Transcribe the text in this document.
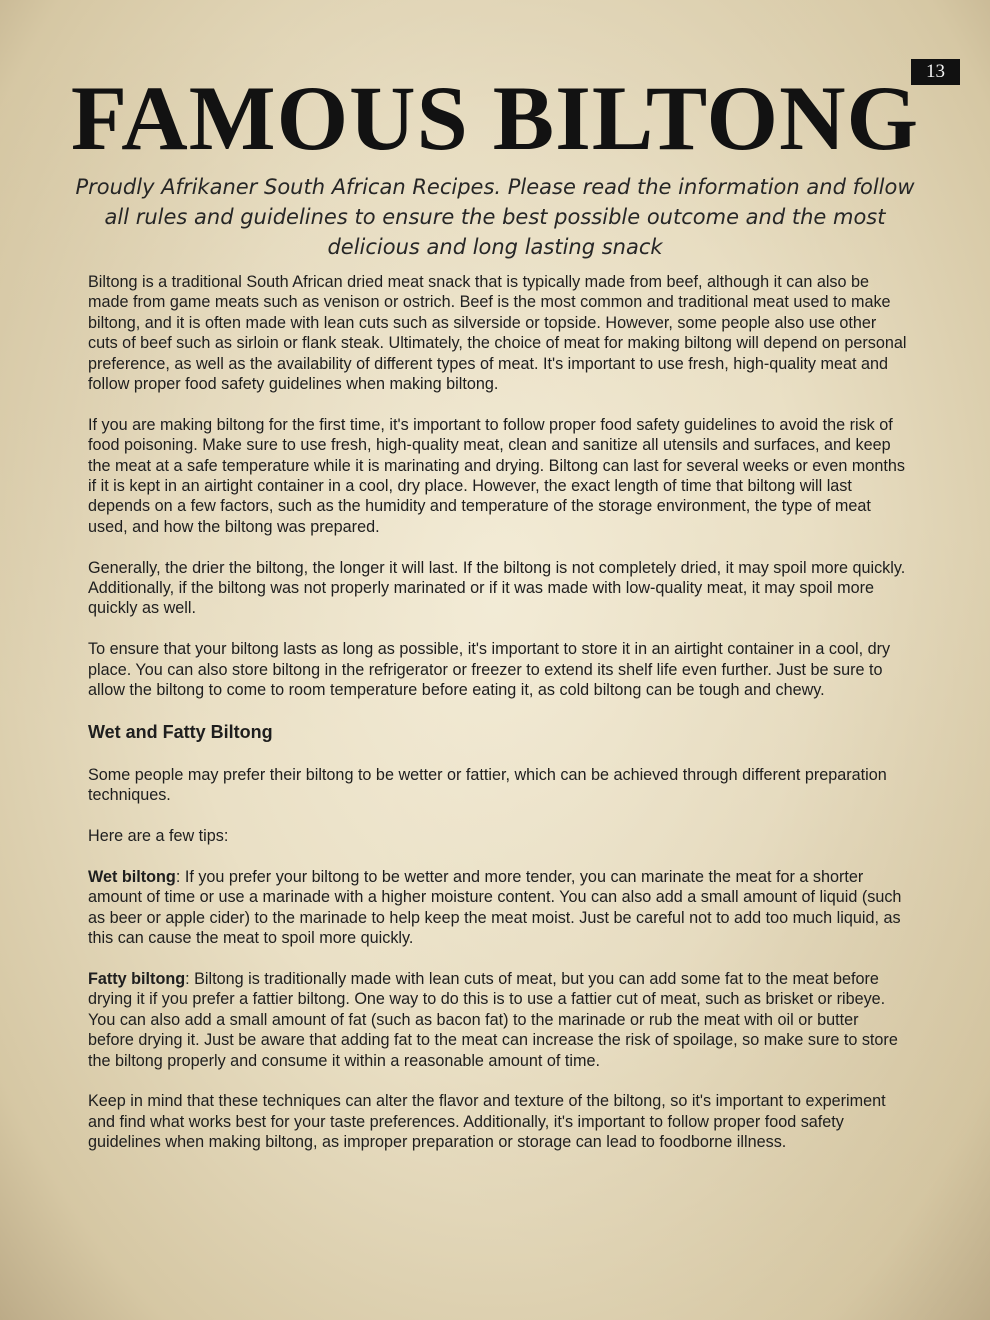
13
FAMOUS BILTONG

Proudly Afrikaner South African Recipes. Please read the information and follow all rules and guidelines to ensure the best possible outcome and the most delicious and long lasting snack

Biltong is a traditional South African dried meat snack that is typically made from beef, although it can also be made from game meats such as venison or ostrich. Beef is the most common and traditional meat used to make biltong, and it is often made with lean cuts such as silverside or topside. However, some people also use other cuts of beef such as sirloin or flank steak. Ultimately, the choice of meat for making biltong will depend on personal preference, as well as the availability of different types of meat. It's important to use fresh, high-quality meat and follow proper food safety guidelines when making biltong.

If you are making biltong for the first time, it's important to follow proper food safety guidelines to avoid the risk of food poisoning. Make sure to use fresh, high-quality meat, clean and sanitize all utensils and surfaces, and keep the meat at a safe temperature while it is marinating and drying. Biltong can last for several weeks or even months if it is kept in an airtight container in a cool, dry place. However, the exact length of time that biltong will last depends on a few factors, such as the humidity and temperature of the storage environment, the type of meat used, and how the biltong was prepared.

Generally, the drier the biltong, the longer it will last. If the biltong is not completely dried, it may spoil more quickly. Additionally, if the biltong was not properly marinated or if it was made with low-quality meat, it may spoil more quickly as well.

To ensure that your biltong lasts as long as possible, it's important to store it in an airtight container in a cool, dry place. You can also store biltong in the refrigerator or freezer to extend its shelf life even further. Just be sure to allow the biltong to come to room temperature before eating it, as cold biltong can be tough and chewy.

Wet and Fatty Biltong

Some people may prefer their biltong to be wetter or fattier, which can be achieved through different preparation techniques.

Here are a few tips:

Wet biltong: If you prefer your biltong to be wetter and more tender, you can marinate the meat for a shorter amount of time or use a marinade with a higher moisture content. You can also add a small amount of liquid (such as beer or apple cider) to the marinade to help keep the meat moist. Just be careful not to add too much liquid, as this can cause the meat to spoil more quickly.

Fatty biltong: Biltong is traditionally made with lean cuts of meat, but you can add some fat to the meat before drying it if you prefer a fattier biltong. One way to do this is to use a fattier cut of meat, such as brisket or ribeye. You can also add a small amount of fat (such as bacon fat) to the marinade or rub the meat with oil or butter before drying it. Just be aware that adding fat to the meat can increase the risk of spoilage, so make sure to store the biltong properly and consume it within a reasonable amount of time.

Keep in mind that these techniques can alter the flavor and texture of the biltong, so it's important to experiment and find what works best for your taste preferences. Additionally, it's important to follow proper food safety guidelines when making biltong, as improper preparation or storage can lead to foodborne illness.
